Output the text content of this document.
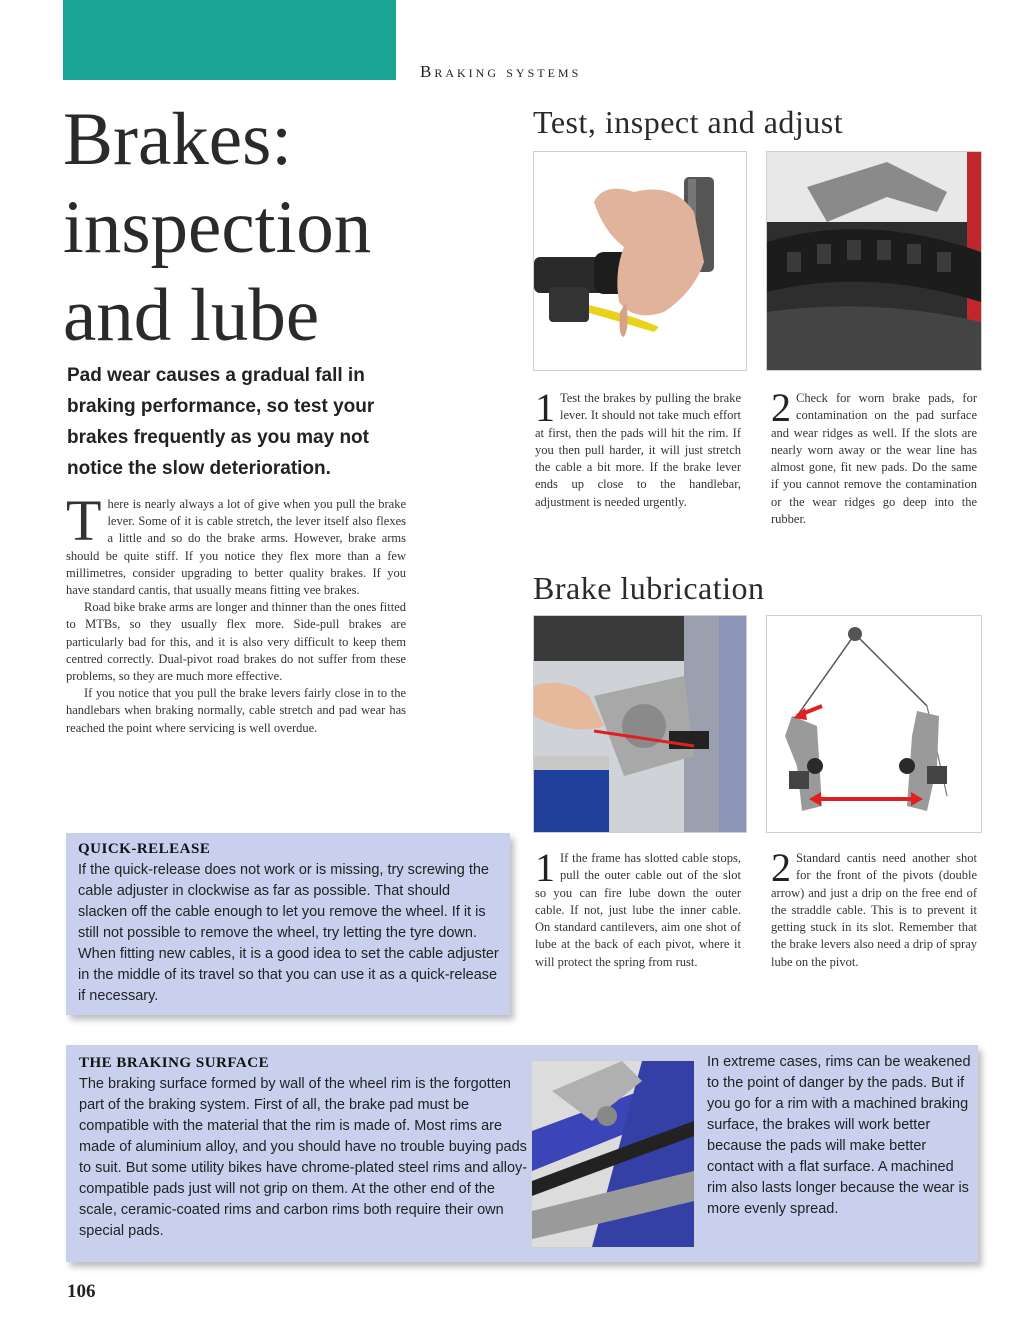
Braking systems
Brakes:
inspection
and lube
Pad wear causes a gradual fall in braking performance, so test your brakes frequently as you may not notice the slow deterioration.

There is nearly always a lot of give when you pull the brake lever. Some of it is cable stretch, the lever itself also flexes a little and so do the brake arms. However, brake arms should be quite stiff. If you notice they flex more than a few millimetres, consider upgrading to better quality brakes. If you have standard cantis, that usually means fitting vee brakes.

Road bike brake arms are longer and thinner than the ones fitted to MTBs, so they usually flex more. Side-pull brakes are particularly bad for this, and it is also very difficult to keep them centred correctly. Dual-pivot road brakes do not suffer from these problems, so they are much more effective.

If you notice that you pull the brake levers fairly close in to the handlebars when braking normally, cable stretch and pad wear has reached the point where servicing is well overdue.

Test, inspect and adjust
1 Test the brakes by pulling the brake lever. It should not take much effort at first, then the pads will hit the rim. If you then pull harder, it will just stretch the cable a bit more. If the brake lever ends up close to the handlebar, adjustment is needed urgently.
2 Check for worn brake pads, for contamination on the pad surface and wear ridges as well. If the slots are nearly worn away or the wear line has almost gone, fit new pads. Do the same if you cannot remove the contamination or the wear ridges go deep into the rubber.
Brake lubrication
1 If the frame has slotted cable stops, pull the outer cable out of the slot so you can fire lube down the outer cable. If not, just lube the inner cable. On standard cantilevers, aim one shot of lube at the back of each pivot, where it will protect the spring from rust.
2 Standard cantis need another shot for the front of the pivots (double arrow) and just a drip on the free end of the straddle cable. This is to prevent it getting stuck in its slot. Remember that the brake levers also need a drip of spray lube on the pivot.
QUICK-RELEASE
If the quick-release does not work or is missing, try screwing the cable adjuster in clockwise as far as possible. That should slacken off the cable enough to let you remove the wheel. If it is still not possible to remove the wheel, try letting the tyre down. When fitting new cables, it is a good idea to set the cable adjuster in the middle of its travel so that you can use it as a quick-release if necessary.
THE BRAKING SURFACE
The braking surface formed by wall of the wheel rim is the forgotten part of the braking system. First of all, the brake pad must be compatible with the material that the rim is made of. Most rims are made of aluminium alloy, and you should have no trouble buying pads to suit. But some utility bikes have chrome-plated steel rims and alloy-compatible pads just will not grip on them. At the other end of the scale, ceramic-coated rims and carbon rims both require their own special pads.
In extreme cases, rims can be weakened to the point of danger by the pads. But if you go for a rim with a machined braking surface, the brakes will work better because the pads will make better contact with a flat surface. A machined rim also lasts longer because the wear is more evenly spread.
106
